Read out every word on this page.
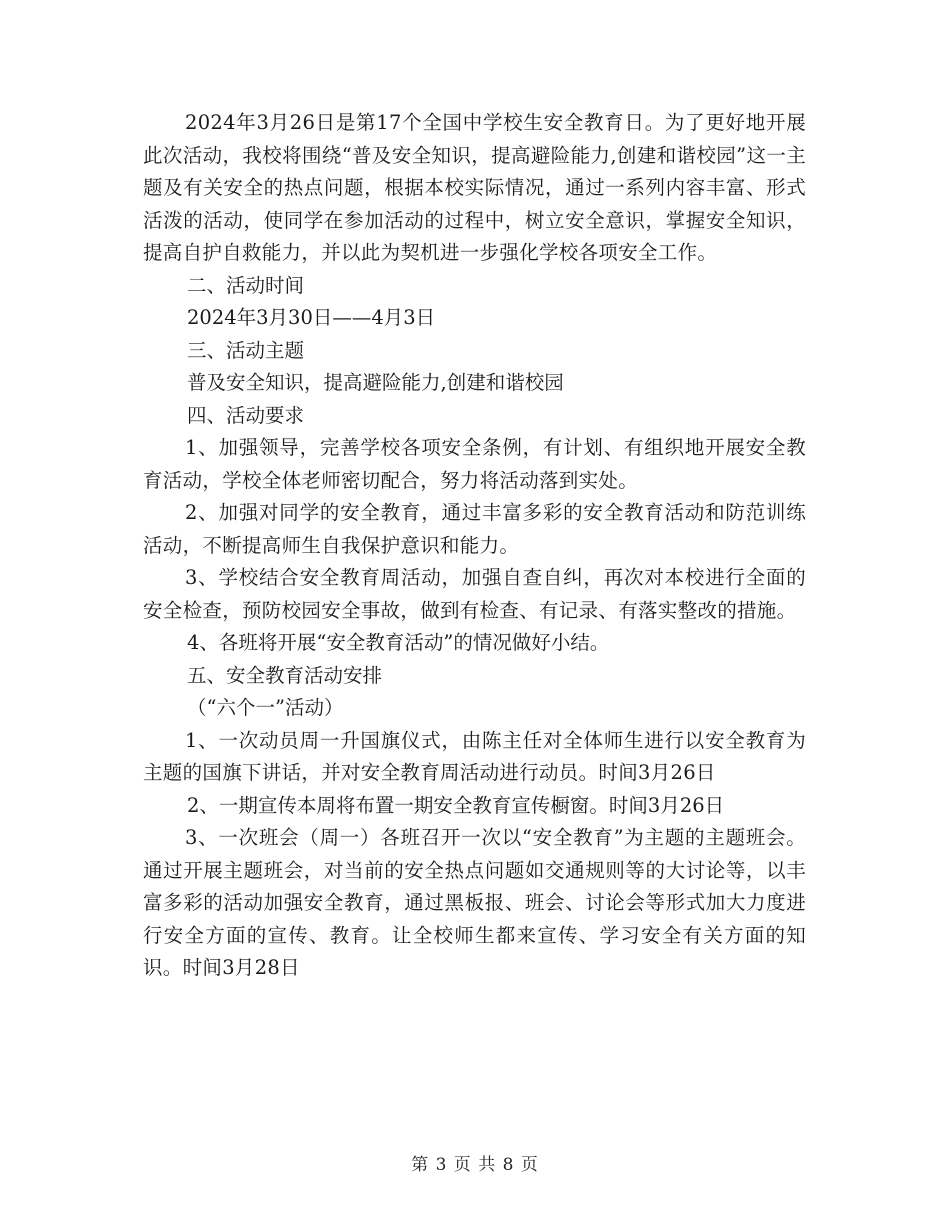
2024年3月26日是第17个全国中学校生安全教育日。为了更好地开展此次活动，我校将围绕“普及安全知识，提高避险能力,创建和谐校园”这一主题及有关安全的热点问题，根据本校实际情况，通过一系列内容丰富、形式活泼的活动，使同学在参加活动的过程中，树立安全意识，掌握安全知识，提高自护自救能力，并以此为契机进一步强化学校各项安全工作。

二、活动时间

2024年3月30日——4月3日

三、活动主题

普及安全知识，提高避险能力,创建和谐校园

四、活动要求

1、加强领导，完善学校各项安全条例，有计划、有组织地开展安全教育活动，学校全体老师密切配合，努力将活动落到实处。

2、加强对同学的安全教育，通过丰富多彩的安全教育活动和防范训练活动，不断提高师生自我保护意识和能力。

3、学校结合安全教育周活动，加强自查自纠，再次对本校进行全面的安全检查，预防校园安全事故，做到有检查、有记录、有落实整改的措施。

4、各班将开展“安全教育活动”的情况做好小结。

五、安全教育活动安排

（“六个一”活动）

1、一次动员周一升国旗仪式，由陈主任对全体师生进行以安全教育为主题的国旗下讲话，并对安全教育周活动进行动员。时间3月26日

2、一期宣传本周将布置一期安全教育宣传橱窗。时间3月26日

3、一次班会（周一）各班召开一次以“安全教育”为主题的主题班会。通过开展主题班会，对当前的安全热点问题如交通规则等的大讨论等，以丰富多彩的活动加强安全教育，通过黑板报、班会、讨论会等形式加大力度进行安全方面的宣传、教育。让全校师生都来宣传、学习安全有关方面的知识。时间3月28日

第 3 页 共 8 页
